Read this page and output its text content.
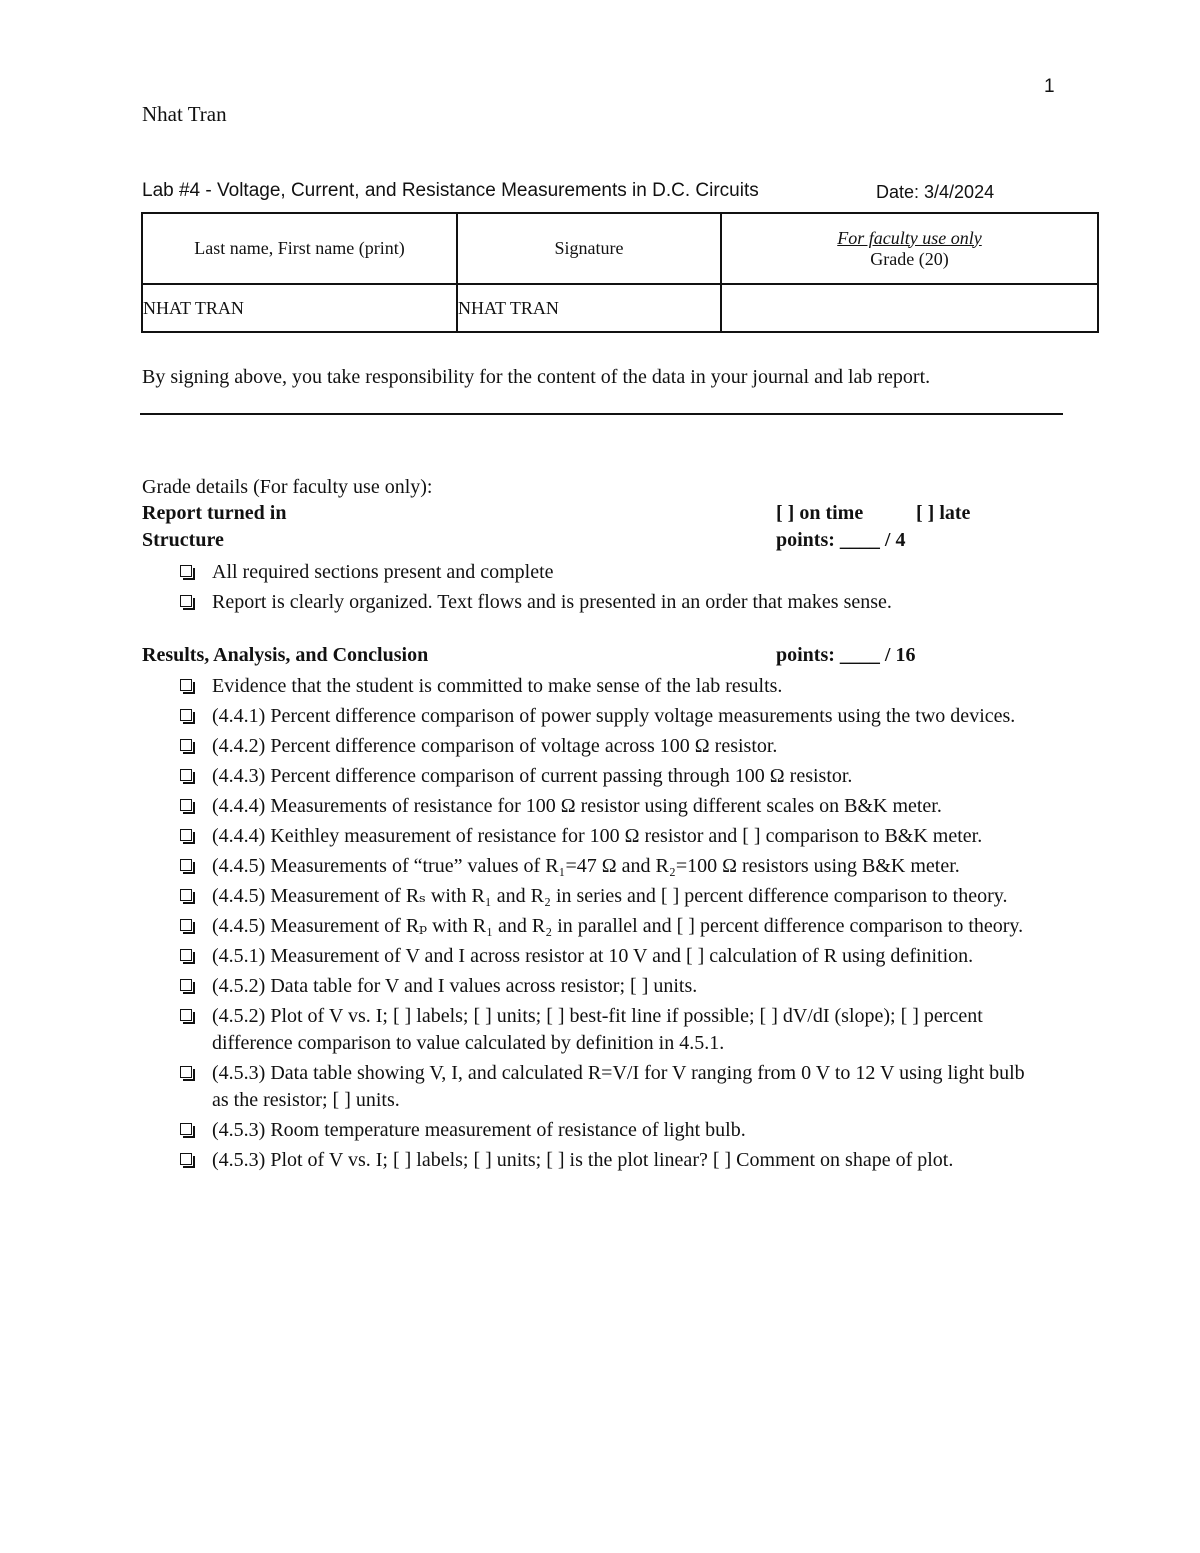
1
Nhat Tran
Lab #4 - Voltage, Current, and Resistance Measurements in D.C. Circuits	Date: 3/4/2024
Last name, First name (print)	Signature	For faculty use only
Grade (20)

NHAT TRAN	NHAT TRAN	
By signing above, you take responsibility for the content of the data in your journal and lab report.
Grade details (For faculty use only):
Report turned in	[ ] on time	[ ] late
Structure	points: ____ / 4
All required sections present and complete
Report is clearly organized. Text flows and is presented in an order that makes sense.
Results, Analysis, and Conclusion	points: ____ / 16
Evidence that the student is committed to make sense of the lab results.
(4.4.1) Percent difference comparison of power supply voltage measurements using the two devices.
(4.4.2) Percent difference comparison of voltage across 100 Ω resistor.
(4.4.3) Percent difference comparison of current passing through 100 Ω resistor.
(4.4.4) Measurements of resistance for 100 Ω resistor using different scales on B&K meter.
(4.4.4) Keithley measurement of resistance for 100 Ω resistor and [ ] comparison to B&K meter.
(4.4.5) Measurements of “true” values of R₁=47 Ω and R₂=100 Ω resistors using B&K meter.
(4.4.5) Measurement of Rₛ with R₁ and R₂ in series and [ ] percent difference comparison to theory.
(4.4.5) Measurement of Rₚ with R₁ and R₂ in parallel and [ ] percent difference comparison to theory.
(4.5.1) Measurement of V and I across resistor at 10 V and [ ] calculation of R using definition.
(4.5.2) Data table for V and I values across resistor; [ ] units.
(4.5.2) Plot of V vs. I; [ ] labels; [ ] units; [ ] best-fit line if possible; [ ] dV/dI (slope); [ ] percent difference comparison to value calculated by definition in 4.5.1.
(4.5.3) Data table showing V, I, and calculated R=V/I for V ranging from 0 V to 12 V using light bulb as the resistor; [ ] units.
(4.5.3) Room temperature measurement of resistance of light bulb.
(4.5.3) Plot of V vs. I; [ ] labels; [ ] units; [ ] is the plot linear? [ ] Comment on shape of plot.
